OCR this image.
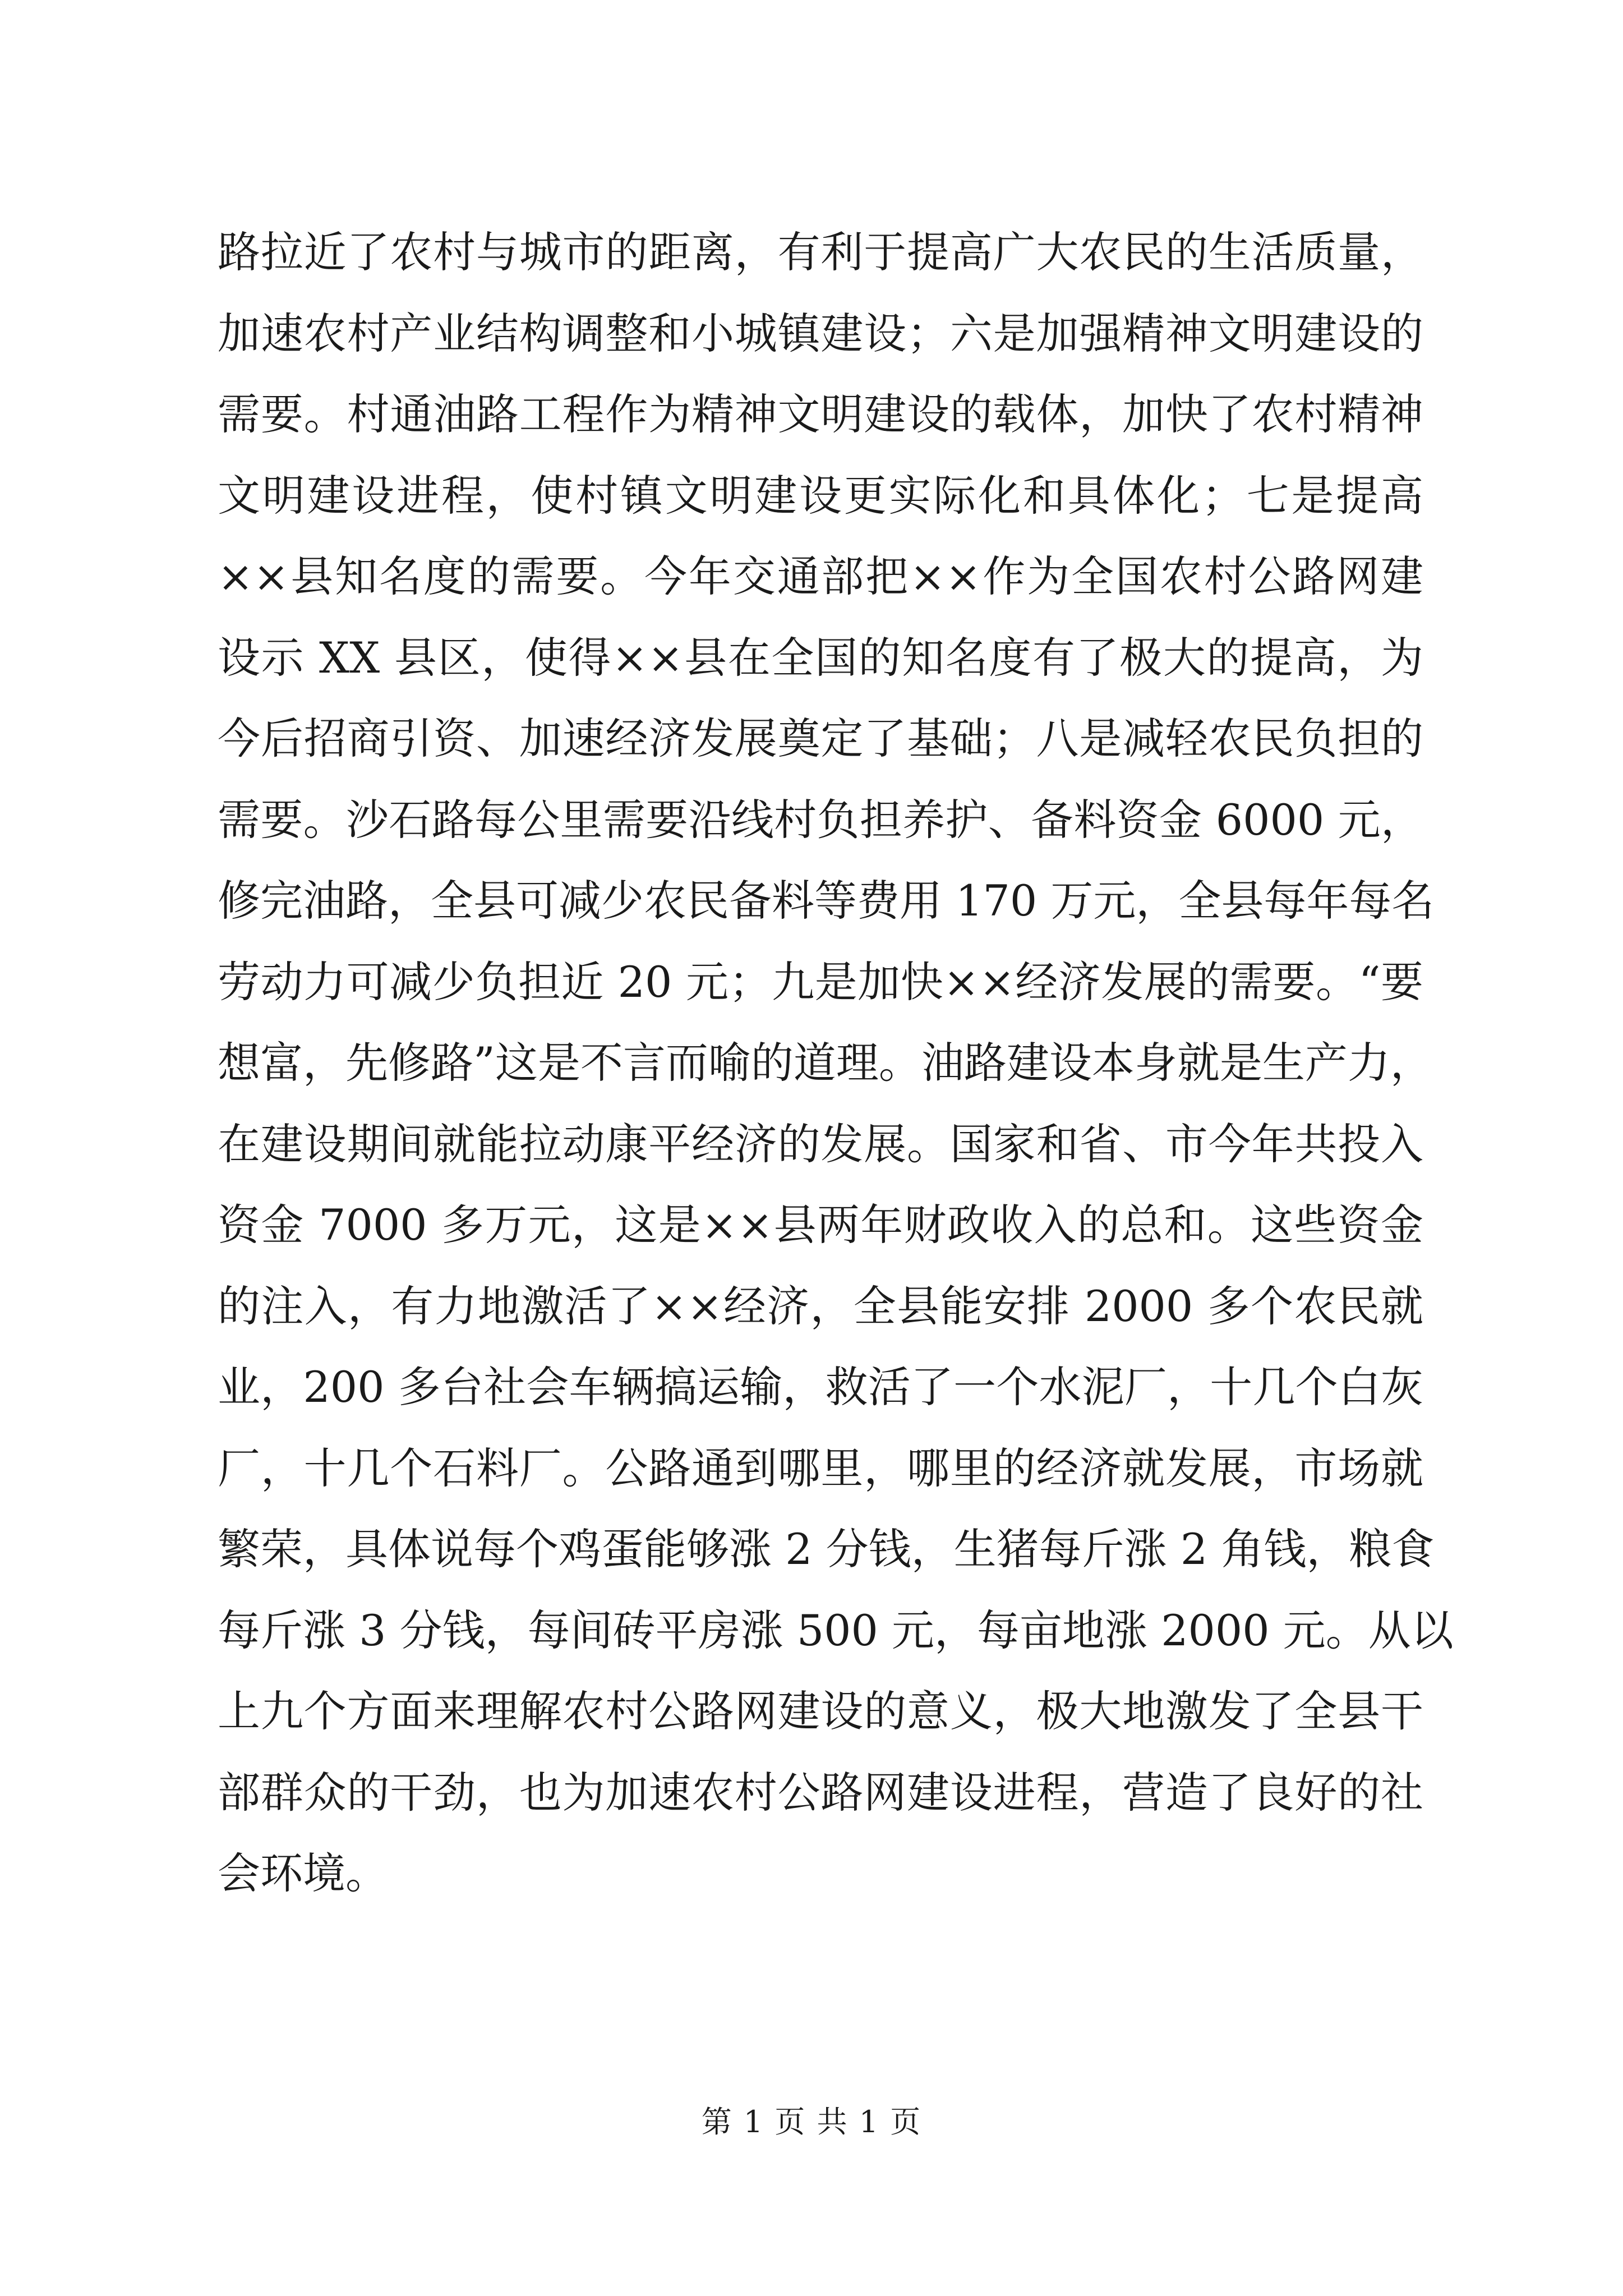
路拉近了农村与城市的距离，有利于提高广大农民的生活质量，
加速农村产业结构调整和小城镇建设；六是加强精神文明建设的
需要。村通油路工程作为精神文明建设的载体，加快了农村精神
文明建设进程，使村镇文明建设更实际化和具体化；七是提高
××县知名度的需要。今年交通部把××作为全国农村公路网建
设示 XX 县区，使得××县在全国的知名度有了极大的提高，为
今后招商引资、加速经济发展奠定了基础；八是减轻农民负担的
需要。沙石路每公里需要沿线村负担养护、备料资金 6000 元，
修完油路，全县可减少农民备料等费用 170 万元，全县每年每名
劳动力可减少负担近 20 元；九是加快××经济发展的需要。“要
想富，先修路”这是不言而喻的道理。油路建设本身就是生产力，
在建设期间就能拉动康平经济的发展。国家和省、市今年共投入
资金 7000 多万元，这是××县两年财政收入的总和。这些资金
的注入，有力地激活了××经济，全县能安排 2000 多个农民就
业，200 多台社会车辆搞运输，救活了一个水泥厂，十几个白灰
厂，十几个石料厂。公路通到哪里，哪里的经济就发展，市场就
繁荣，具体说每个鸡蛋能够涨 2 分钱，生猪每斤涨 2 角钱，粮食
每斤涨 3 分钱，每间砖平房涨 500 元，每亩地涨 2000 元。从以
上九个方面来理解农村公路网建设的意义，极大地激发了全县干
部群众的干劲，也为加速农村公路网建设进程，营造了良好的社
会环境。
第 1 页 共 1 页
